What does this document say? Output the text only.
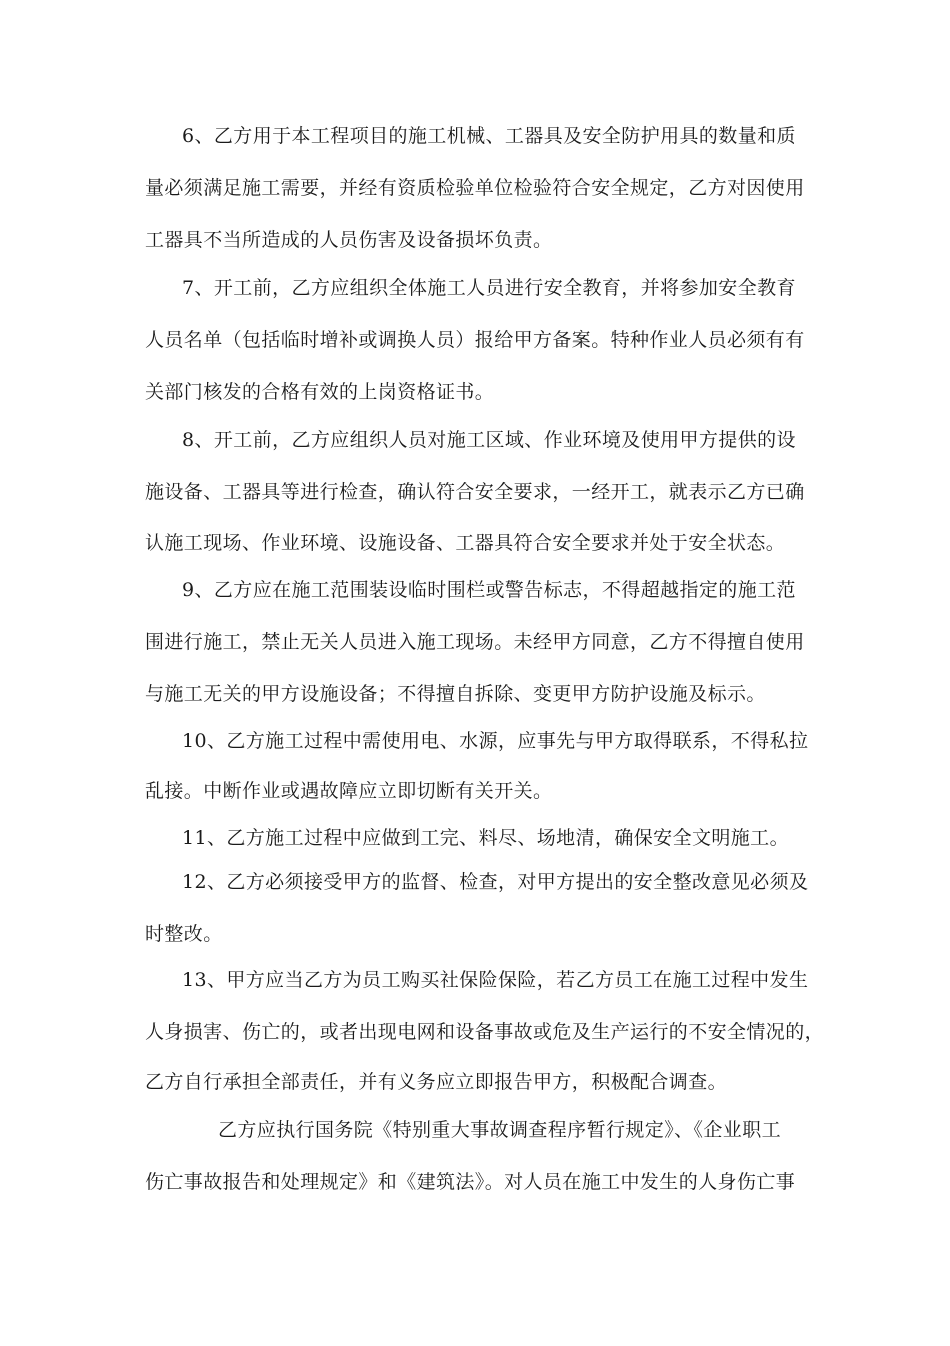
6、乙方用于本工程项目的施工机械、工器具及安全防护用具的数量和质
量必须满足施工需要，并经有资质检验单位检验符合安全规定，乙方对因使用
工器具不当所造成的人员伤害及设备损坏负责。
7、开工前，乙方应组织全体施工人员进行安全教育，并将参加安全教育
人员名单（包括临时增补或调换人员）报给甲方备案。特种作业人员必须有有
关部门核发的合格有效的上岗资格证书。
8、开工前，乙方应组织人员对施工区域、作业环境及使用甲方提供的设
施设备、工器具等进行检查，确认符合安全要求，一经开工，就表示乙方已确
认施工现场、作业环境、设施设备、工器具符合安全要求并处于安全状态。
9、乙方应在施工范围装设临时围栏或警告标志，不得超越指定的施工范
围进行施工，禁止无关人员进入施工现场。未经甲方同意，乙方不得擅自使用
与施工无关的甲方设施设备；不得擅自拆除、变更甲方防护设施及标示。
10、乙方施工过程中需使用电、水源，应事先与甲方取得联系，不得私拉
乱接。中断作业或遇故障应立即切断有关开关。
11、乙方施工过程中应做到工完、料尽、场地清，确保安全文明施工。
12、乙方必须接受甲方的监督、检查，对甲方提出的安全整改意见必须及
时整改。
13、甲方应当乙方为员工购买社保险保险，若乙方员工在施工过程中发生
人身损害、伤亡的，或者出现电网和设备事故或危及生产运行的不安全情况的，
乙方自行承担全部责任，并有义务应立即报告甲方，积极配合调查。
乙方应执行国务院《特别重大事故调查程序暂行规定》、《企业职工
伤亡事故报告和处理规定》和《建筑法》。对人员在施工中发生的人身伤亡事
